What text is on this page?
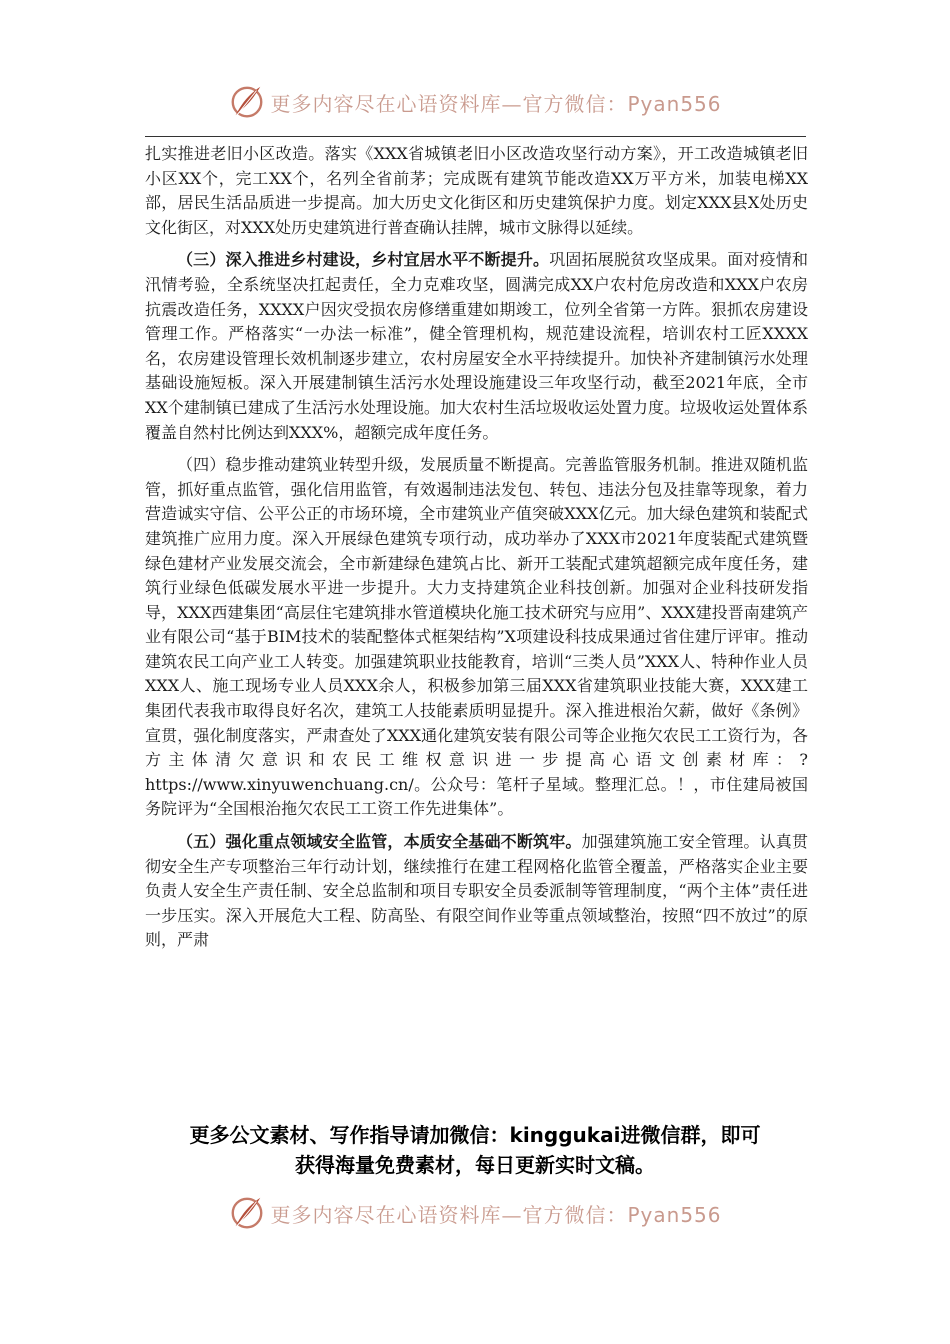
更多内容尽在心语资料库—官方微信：Pyan556

扎实推进老旧小区改造。落实《XXX省城镇老旧小区改造攻坚行动方案》，开工改造城镇老旧小区XX个，完工XX个，名列全省前茅；完成既有建筑节能改造XX万平方米，加装电梯XX部，居民生活品质进一步提高。加大历史文化街区和历史建筑保护力度。划定XXX县X处历史文化街区，对XXX处历史建筑进行普查确认挂牌，城市文脉得以延续。

（三）深入推进乡村建设，乡村宜居水平不断提升。巩固拓展脱贫攻坚成果。面对疫情和汛情考验，全系统坚决扛起责任，全力克难攻坚，圆满完成XX户农村危房改造和XXX户农房抗震改造任务，XXXX户因灾受损农房修缮重建如期竣工，位列全省第一方阵。狠抓农房建设管理工作。严格落实“一办法一标准”，健全管理机构，规范建设流程，培训农村工匠XXXX名，农房建设管理长效机制逐步建立，农村房屋安全水平持续提升。加快补齐建制镇污水处理基础设施短板。深入开展建制镇生活污水处理设施建设三年攻坚行动，截至2021年底，全市XX个建制镇已建成了生活污水处理设施。加大农村生活垃圾收运处置力度。垃圾收运处置体系覆盖自然村比例达到XXX%，超额完成年度任务。

（四）稳步推动建筑业转型升级，发展质量不断提高。完善监管服务机制。推进双随机监管，抓好重点监管，强化信用监管，有效遏制违法发包、转包、违法分包及挂靠等现象，着力营造诚实守信、公平公正的市场环境，全市建筑业产值突破XXX亿元。加大绿色建筑和装配式建筑推广应用力度。深入开展绿色建筑专项行动，成功举办了XXX市2021年度装配式建筑暨绿色建材产业发展交流会，全市新建绿色建筑占比、新开工装配式建筑超额完成年度任务，建筑行业绿色低碳发展水平进一步提升。大力支持建筑企业科技创新。加强对企业科技研发指导，XXX西建集团“高层住宅建筑排水管道模块化施工技术研究与应用”、XXX建投晋南建筑产业有限公司“基于BIM技术的装配整体式框架结构”X项建设科技成果通过省住建厅评审。推动建筑农民工向产业工人转变。加强建筑职业技能教育，培训“三类人员”XXX人、特种作业人员XXX人、施工现场专业人员XXX余人，积极参加第三届XXX省建筑职业技能大赛，XXX建工集团代表我市取得良好名次，建筑工人技能素质明显提升。深入推进根治欠薪，做好《条例》宣贯，强化制度落实，严肃查处了XXX通化建筑安装有限公司等企业拖欠农民工工资行为，各方主体清欠意识和农民工维权意识进一步提高心语文创素材库：?https://www.xinyuwenchuang.cn/。公众号：笔杆子星域。整理汇总。！，市住建局被国务院评为“全国根治拖欠农民工工资工作先进集体”。

（五）强化重点领域安全监管，本质安全基础不断筑牢。加强建筑施工安全管理。认真贯彻安全生产专项整治三年行动计划，继续推行在建工程网格化监管全覆盖，严格落实企业主要负责人安全生产责任制、安全总监制和项目专职安全员委派制等管理制度，“两个主体”责任进一步压实。深入开展危大工程、防高坠、有限空间作业等重点领域整治，按照“四不放过”的原则，严肃

更多公文素材、写作指导请加微信：kinggukai进微信群，即可
获得海量免费素材，每日更新实时文稿。
更多内容尽在心语资料库—官方微信：Pyan556
